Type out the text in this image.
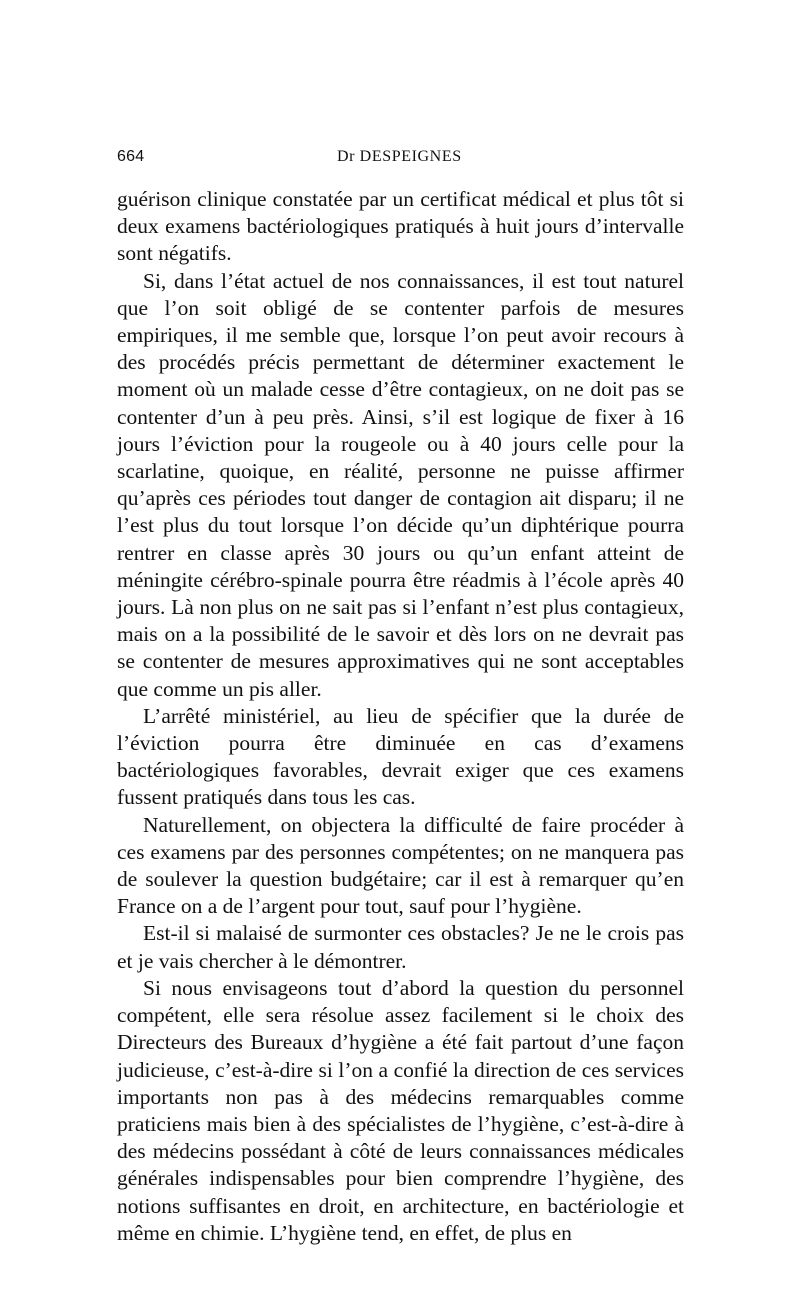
664	Dr DESPEIGNES

guérison clinique constatée par un certificat médical et plus tôt si deux examens bactériologiques pratiqués à huit jours d’intervalle sont négatifs.

Si, dans l’état actuel de nos connaissances, il est tout naturel que l’on soit obligé de se contenter parfois de mesures empiriques, il me semble que, lorsque l’on peut avoir recours à des procédés précis permettant de déterminer exactement le moment où un malade cesse d’être contagieux, on ne doit pas se contenter d’un à peu près. Ainsi, s’il est logique de fixer à 16 jours l’éviction pour la rougeole ou à 40 jours celle pour la scarlatine, quoique, en réalité, personne ne puisse affirmer qu’après ces périodes tout danger de contagion ait disparu; il ne l’est plus du tout lorsque l’on décide qu’un diphtérique pourra rentrer en classe après 30 jours ou qu’un enfant atteint de méningite cérébro-spinale pourra être réadmis à l’école après 40 jours. Là non plus on ne sait pas si l’enfant n’est plus contagieux, mais on a la possibilité de le savoir et dès lors on ne devrait pas se contenter de mesures approximatives qui ne sont acceptables que comme un pis aller.

L’arrêté ministériel, au lieu de spécifier que la durée de l’éviction pourra être diminuée en cas d’examens bactériologiques favorables, devrait exiger que ces examens fussent pratiqués dans tous les cas.

Naturellement, on objectera la difficulté de faire procéder à ces examens par des personnes compétentes; on ne manquera pas de soulever la question budgétaire; car il est à remarquer qu’en France on a de l’argent pour tout, sauf pour l’hygiène.

Est-il si malaisé de surmonter ces obstacles? Je ne le crois pas et je vais chercher à le démontrer.

Si nous envisageons tout d’abord la question du personnel compétent, elle sera résolue assez facilement si le choix des Directeurs des Bureaux d’hygiène a été fait partout d’une façon judicieuse, c’est-à-dire si l’on a confié la direction de ces services importants non pas à des médecins remarquables comme praticiens mais bien à des spécialistes de l’hygiène, c’est-à-dire à des médecins possédant à côté de leurs connaissances médicales générales indispensables pour bien comprendre l’hygiène, des notions suffisantes en droit, en architecture, en bactériologie et même en chimie. L’hygiène tend, en effet, de plus en
